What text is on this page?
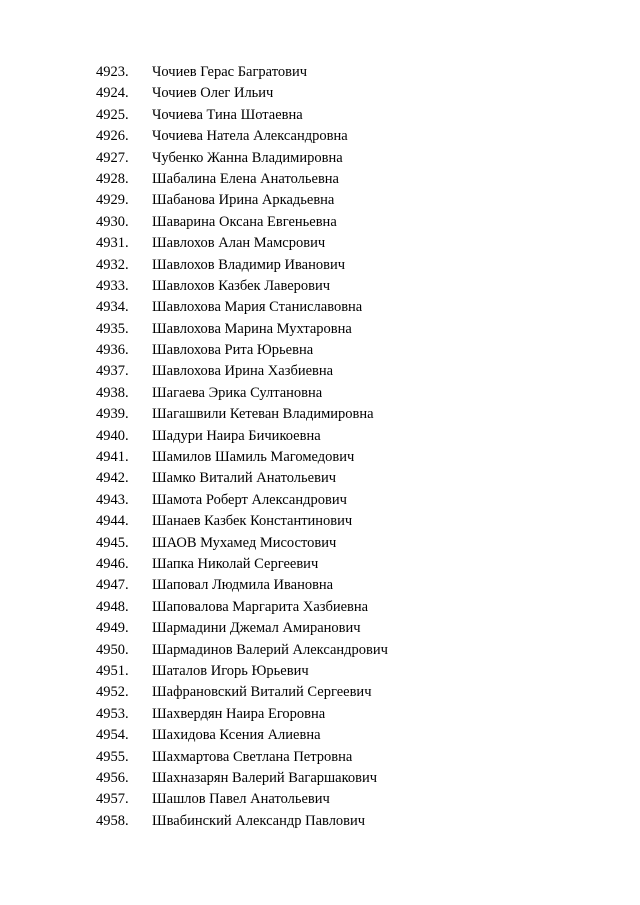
4923.	Чочиев Герас Багратович
4924.	Чочиев Олег Ильич
4925.	Чочиева Тина Шотаевна
4926.	Чочиева Натела Александровна
4927.	Чубенко Жанна Владимировна
4928.	Шабалина Елена Анатольевна
4929.	Шабанова Ирина Аркадьевна
4930.	Шаварина Оксана Евгеньевна
4931.	Шавлохов Алан Мамсрович
4932.	Шавлохов Владимир Иванович
4933.	Шавлохов Казбек Лаверович
4934.	Шавлохова Мария Станиславовна
4935.	Шавлохова Марина Мухтаровна
4936.	Шавлохова Рита Юрьевна
4937.	Шавлохова Ирина Хазбиевна
4938.	Шагаева Эрика Султановна
4939.	Шагашвили Кетеван Владимировна
4940.	Шадури Наира Бичикоевна
4941.	Шамилов Шамиль Магомедович
4942.	Шамко Виталий Анатольевич
4943.	Шамота Роберт Александрович
4944.	Шанаев Казбек Константинович
4945.	ШАОВ Мухамед Мисостович
4946.	Шапка Николай Сергеевич
4947.	Шаповал Людмила Ивановна
4948.	Шаповалова Маргарита Хазбиевна
4949.	Шармадини Джемал Амиранович
4950.	Шармадинов Валерий Александрович
4951.	Шаталов Игорь Юрьевич
4952.	Шафрановский Виталий Сергеевич
4953.	Шахвердян Наира Егоровна
4954.	Шахидова Ксения Алиевна
4955.	Шахмартова Светлана Петровна
4956.	Шахназарян Валерий Вагаршакович
4957.	Шашлов Павел Анатольевич
4958.	Швабинский Александр Павлович
